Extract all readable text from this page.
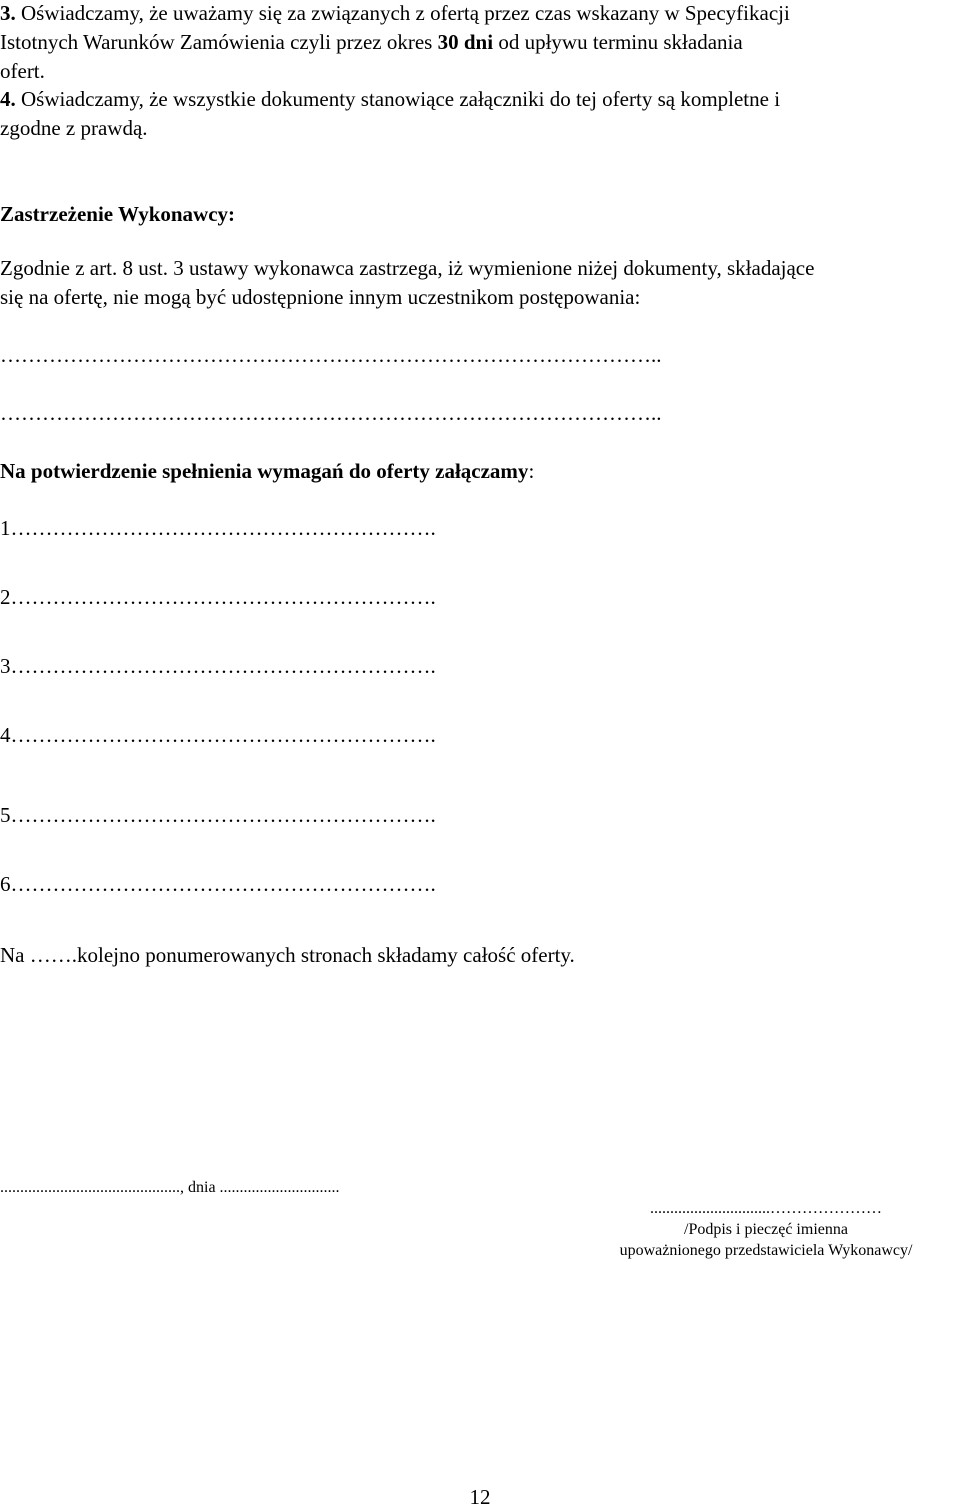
3. Oświadczamy, że uważamy się za związanych z ofertą przez czas wskazany w Specyfikacji
Istotnych Warunków Zamówienia czyli przez okres 30 dni od upływu terminu składania
ofert.
4. Oświadczamy, że wszystkie dokumenty stanowiące załączniki do tej oferty są kompletne i
zgodne z prawdą.
Zastrzeżenie Wykonawcy:
Zgodnie z art. 8 ust. 3 ustawy wykonawca zastrzega, iż wymienione niżej dokumenty, składające
się na ofertę, nie mogą być udostępnione innym uczestnikom postępowania:
…………………………………………………………………………………..
…………………………………………………………………………………..
Na potwierdzenie spełnienia wymagań do oferty załączamy:
1…………………………………………………….
2…………………………………………………….
3…………………………………………………….
4…………………………………………………….
5…………………………………………………….
6…………………………………………………….
Na …….kolejno ponumerowanych stronach składamy całość oferty.
............................................., dnia ..............................
..............................…………………
/Podpis i pieczęć imienna
upoważnionego przedstawiciela Wykonawcy/
12
